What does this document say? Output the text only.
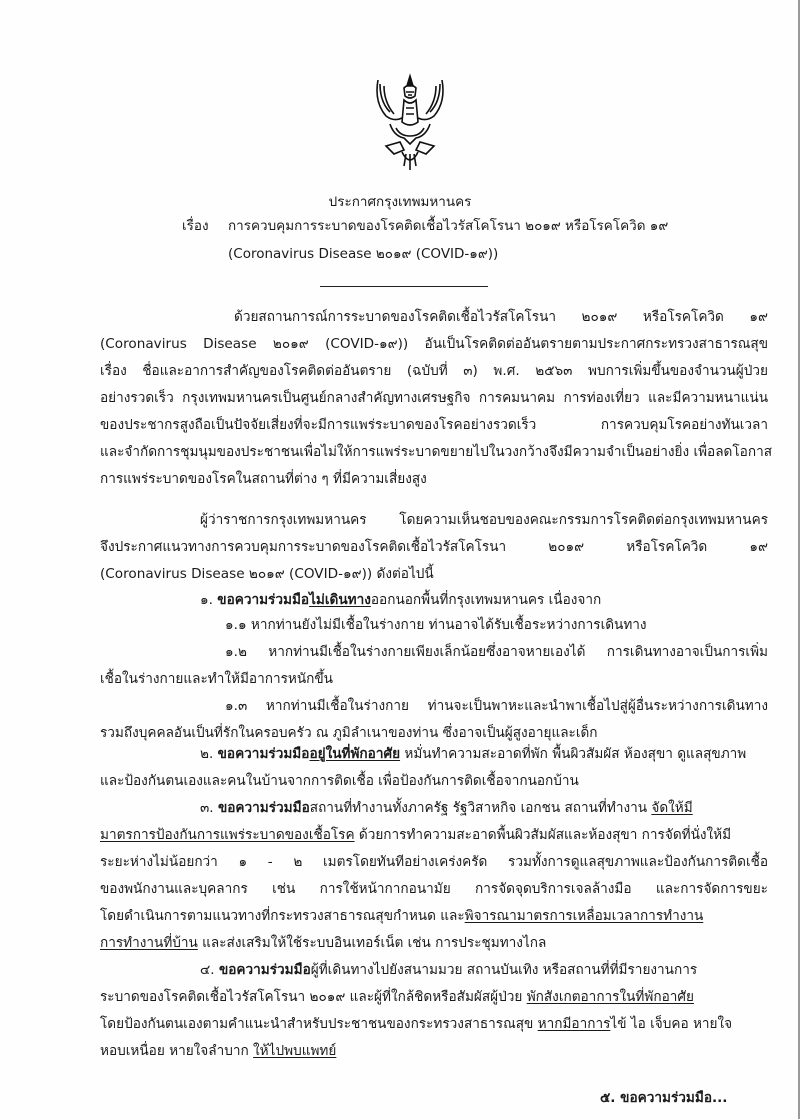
ประกาศกรุงเทพมหานคร
เรื่อง การควบคุมการระบาดของโรคติดเชื้อไวรัสโคโรนา ๒๐๑๙ หรือโรคโควิด ๑๙
(Coronavirus Disease ๒๐๑๙ (COVID-๑๙))
ด้วยสถานการณ์การระบาดของโรคติดเชื้อไวรัสโคโรนา ๒๐๑๙ หรือโรคโควิด ๑๙
(Coronavirus Disease ๒๐๑๙ (COVID-๑๙)) อันเป็นโรคติดต่ออันตรายตามประกาศกระทรวงสาธารณสุข
เรื่อง ชื่อและอาการสำคัญของโรคติดต่ออันตราย (ฉบับที่ ๓) พ.ศ. ๒๕๖๓ พบการเพิ่มขึ้นของจำนวนผู้ป่วย
อย่างรวดเร็ว กรุงเทพมหานครเป็นศูนย์กลางสำคัญทางเศรษฐกิจ การคมนาคม การท่องเที่ยว และมีความหนาแน่น
ของประชากรสูงถือเป็นปัจจัยเสี่ยงที่จะมีการแพร่ระบาดของโรคอย่างรวดเร็ว การควบคุมโรคอย่างทันเวลา
และจำกัดการชุมนุมของประชาชนเพื่อไม่ให้การแพร่ระบาดขยายไปในวงกว้างจึงมีความจำเป็นอย่างยิ่ง เพื่อลดโอกาส
การแพร่ระบาดของโรคในสถานที่ต่าง ๆ ที่มีความเสี่ยงสูง
ผู้ว่าราชการกรุงเทพมหานคร โดยความเห็นชอบของคณะกรรมการโรคติดต่อกรุงเทพมหานคร
จึงประกาศแนวทางการควบคุมการระบาดของโรคติดเชื้อไวรัสโคโรนา ๒๐๑๙ หรือโรคโควิด ๑๙
(Coronavirus Disease ๒๐๑๙ (COVID-๑๙)) ดังต่อไปนี้
๑. ขอความร่วมมือไม่เดินทางออกนอกพื้นที่กรุงเทพมหานคร เนื่องจาก
๑.๑ หากท่านยังไม่มีเชื้อในร่างกาย ท่านอาจได้รับเชื้อระหว่างการเดินทาง
๑.๒ หากท่านมีเชื้อในร่างกายเพียงเล็กน้อยซึ่งอาจหายเองได้ การเดินทางอาจเป็นการเพิ่ม
เชื้อในร่างกายและทำให้มีอาการหนักขึ้น
๑.๓ หากท่านมีเชื้อในร่างกาย ท่านจะเป็นพาหะและนำพาเชื้อไปสู่ผู้อื่นระหว่างการเดินทาง
รวมถึงบุคคลอันเป็นที่รักในครอบครัว ณ ภูมิลำเนาของท่าน ซึ่งอาจเป็นผู้สูงอายุและเด็ก
๒. ขอความร่วมมืออยู่ในที่พักอาศัย หมั่นทำความสะอาดที่พัก พื้นผิวสัมผัส ห้องสุขา ดูแลสุขภาพ
และป้องกันตนเองและคนในบ้านจากการติดเชื้อ เพื่อป้องกันการติดเชื้อจากนอกบ้าน
๓. ขอความร่วมมือสถานที่ทำงานทั้งภาครัฐ รัฐวิสาหกิจ เอกชน สถานที่ทำงาน จัดให้มี
มาตรการป้องกันการแพร่ระบาดของเชื้อโรค ด้วยการทำความสะอาดพื้นผิวสัมผัสและห้องสุขา การจัดที่นั่งให้มี
ระยะห่างไม่น้อยกว่า ๑ - ๒ เมตรโดยทันทีอย่างเคร่งครัด รวมทั้งการดูแลสุขภาพและป้องกันการติดเชื้อ
ของพนักงานและบุคลากร เช่น การใช้หน้ากากอนามัย การจัดจุดบริการเจลล้างมือ และการจัดการขยะ
โดยดำเนินการตามแนวทางที่กระทรวงสาธารณสุขกำหนด และพิจารณามาตรการเหลื่อมเวลาการทำงาน
การทำงานที่บ้าน และส่งเสริมให้ใช้ระบบอินเทอร์เน็ต เช่น การประชุมทางไกล
๔. ขอความร่วมมือผู้ที่เดินทางไปยังสนามมวย สถานบันเทิง หรือสถานที่ที่มีรายงานการ
ระบาดของโรคติดเชื้อไวรัสโคโรนา ๒๐๑๙ และผู้ที่ใกล้ชิดหรือสัมผัสผู้ป่วย พักสังเกตอาการในที่พักอาศัย
โดยป้องกันตนเองตามคำแนะนำสำหรับประชาชนของกระทรวงสาธารณสุข หากมีอาการไข้ ไอ เจ็บคอ หายใจ
หอบเหนื่อย หายใจลำบาก ให้ไปพบแพทย์
๕. ขอความร่วมมือ...
